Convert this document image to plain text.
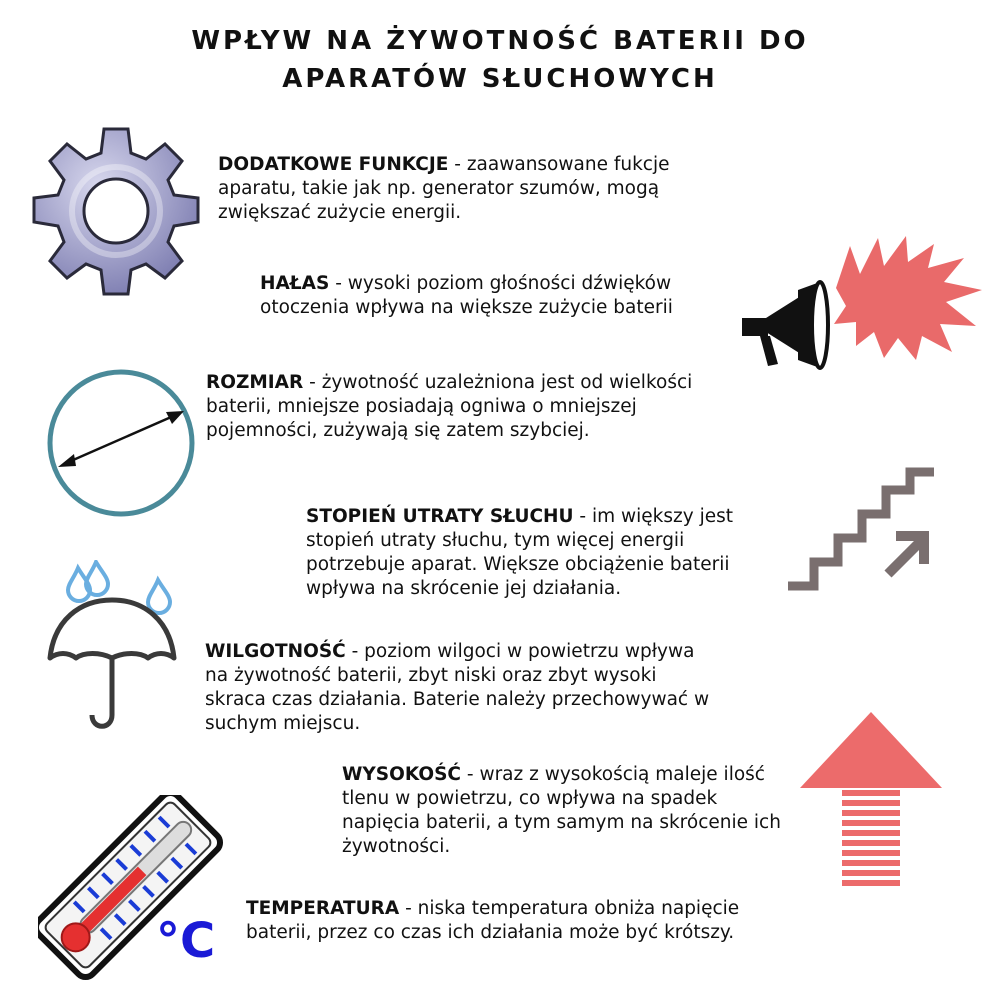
WPŁYW NA ŻYWOTNOŚĆ BATERII DO
APARATÓW SŁUCHOWYCH
DODATKOWE FUNKCJE - zaawansowane fukcje aparatu, takie jak np. generator szumów, mogą zwiększać zużycie energii.
HAŁAS - wysoki poziom głośności dźwięków otoczenia wpływa na większe zużycie baterii
ROZMIAR - żywotność uzależniona jest od wielkości baterii, mniejsze posiadają ogniwa o mniejszej pojemności, zużywają się zatem szybciej.
STOPIEŃ UTRATY SŁUCHU - im większy jest stopień utraty słuchu, tym więcej energii potrzebuje aparat. Większe obciążenie baterii wpływa na skrócenie jej działania.
WILGOTNOŚĆ - poziom wilgoci w powietrzu wpływa na żywotność baterii, zbyt niski oraz zbyt wysoki skraca czas działania. Baterie należy przechowywać w suchym miejscu.
WYSOKOŚĆ - wraz z wysokością maleje ilość tlenu w powietrzu, co wpływa na spadek napięcia baterii, a tym samym na skrócenie ich żywotności.
°C
TEMPERATURA - niska temperatura obniża napięcie baterii, przez co czas ich działania może być krótszy.
